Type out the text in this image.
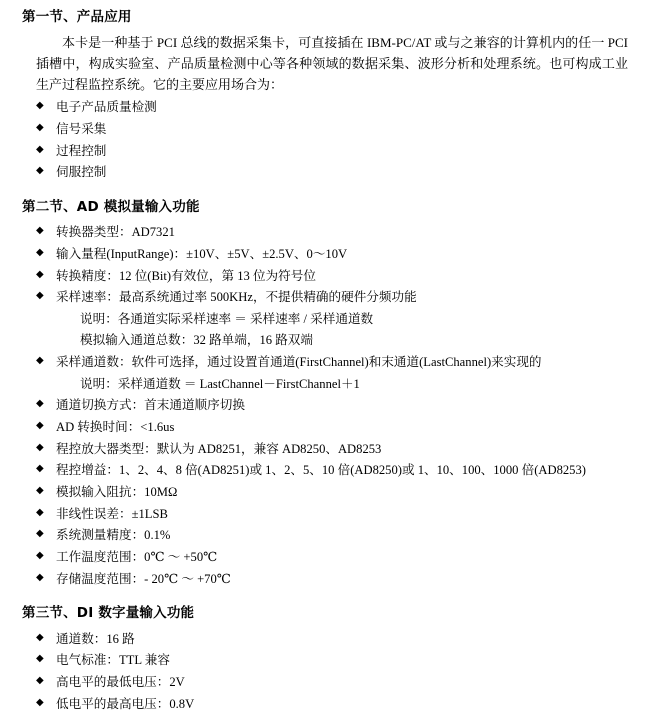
第一节、产品应用

本卡是一种基于 PCI 总线的数据采集卡，可直接插在 IBM-PC/AT 或与之兼容的计算机内的任一 PCI 插槽中，构成实验室、产品质量检测中心等各种领域的数据采集、波形分析和处理系统。也可构成工业生产过程监控系统。它的主要应用场合为：

◆ 电子产品质量检测
◆ 信号采集
◆ 过程控制
◆ 伺服控制
第二节、AD 模拟量输入功能
◆ 转换器类型：AD7321
◆ 输入量程(InputRange)：±10V、±5V、±2.5V、0～10V
◆ 转换精度：12 位(Bit)有效位，第 13 位为符号位
◆ 采样速率：最高系统通过率 500KHz，不提供精确的硬件分频功能
说明：各通道实际采样速率 ＝ 采样速率 / 采样通道数
模拟输入通道总数：32 路单端，16 路双端
◆ 采样通道数：软件可选择，通过设置首通道(FirstChannel)和末通道(LastChannel)来实现的
说明：采样通道数 ＝ LastChannel－FirstChannel＋1
◆ 通道切换方式：首末通道顺序切换
◆ AD 转换时间：<1.6us
◆ 程控放大器类型：默认为 AD8251，兼容 AD8250、AD8253
◆ 程控增益：1、2、4、8 倍(AD8251)或 1、2、5、10 倍(AD8250)或 1、10、100、1000 倍(AD8253)
◆ 模拟输入阻抗：10MΩ
◆ 非线性误差：±1LSB
◆ 系统测量精度：0.1%
◆ 工作温度范围：0℃ ～ +50℃
◆ 存储温度范围：- 20℃ ～ +70℃
第三节、DI 数字量输入功能
◆ 通道数：16 路
◆ 电气标准：TTL 兼容
◆ 高电平的最低电压：2V
◆ 低电平的最高电压：0.8V
